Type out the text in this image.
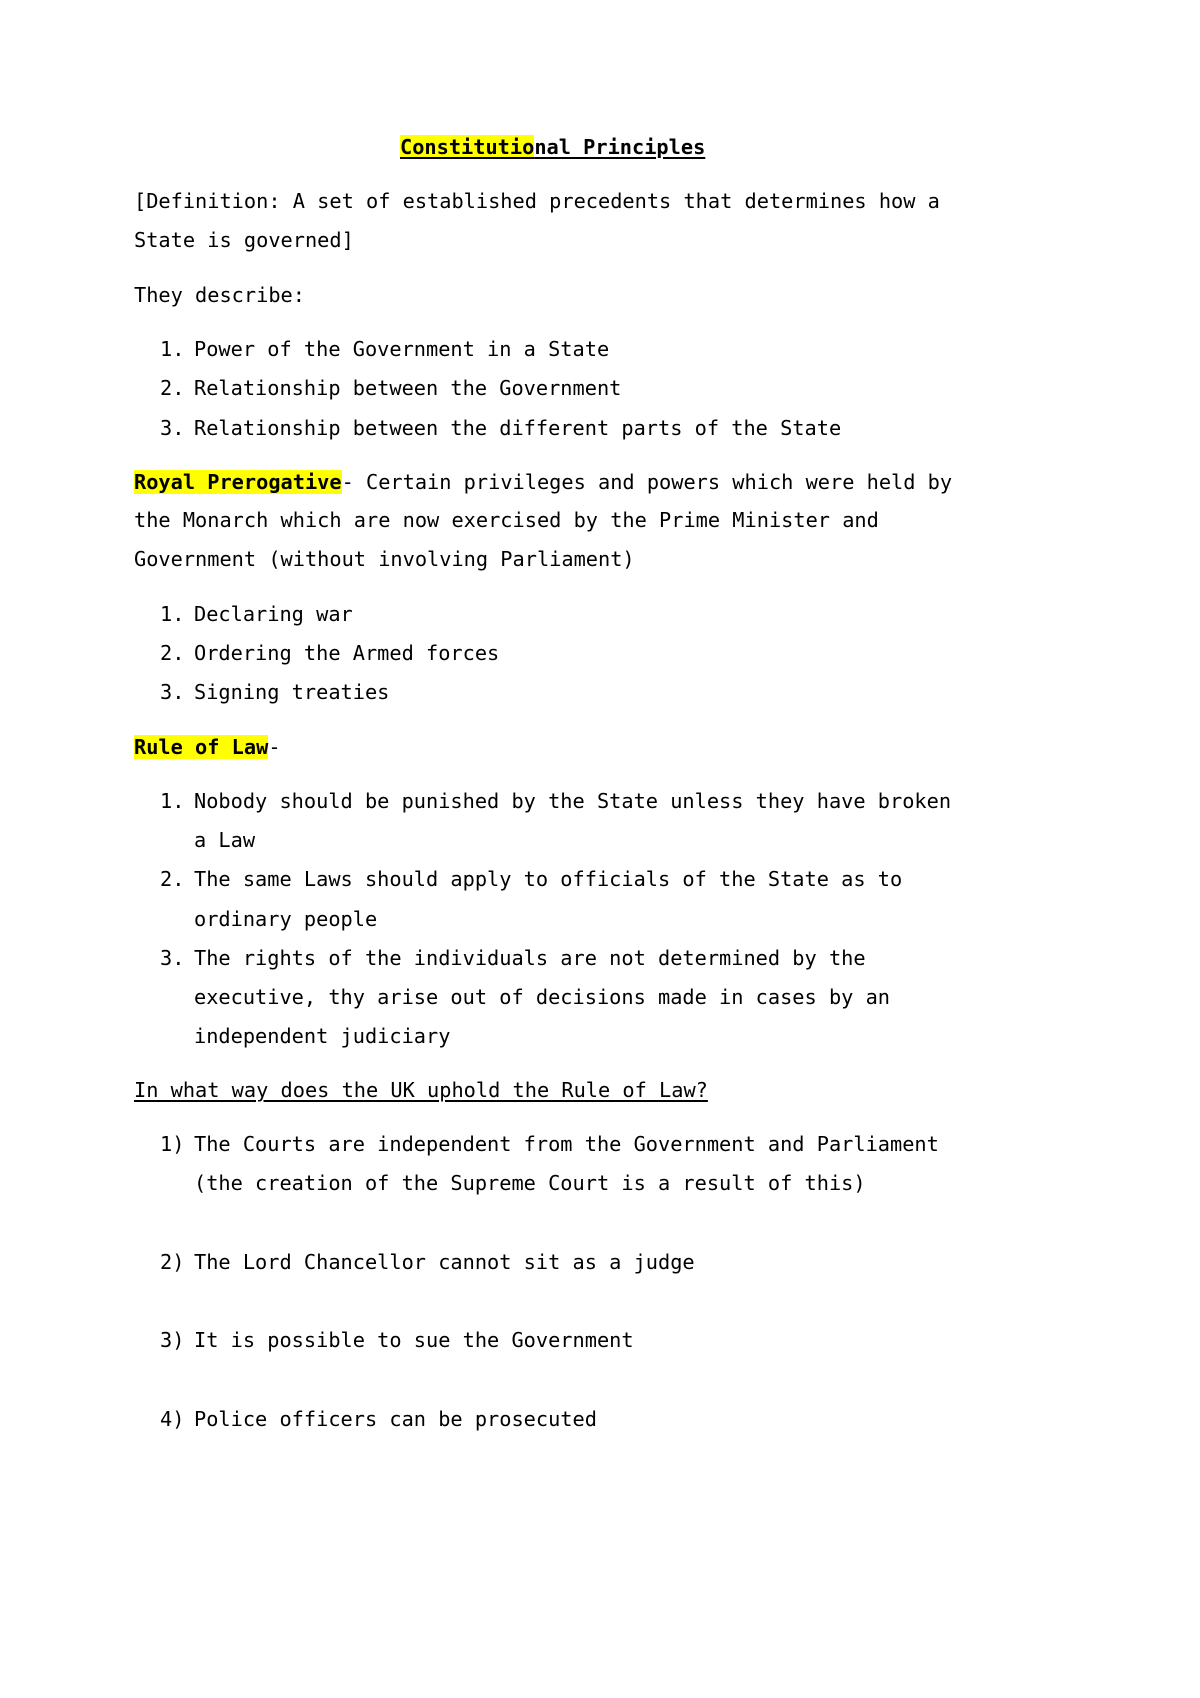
Constitutional Principles
[Definition: A set of established precedents that determines how a
State is governed]
They describe:
1. Power of the Government in a State
2. Relationship between the Government
3. Relationship between the different parts of the State
Royal Prerogative- Certain privileges and powers which were held by
the Monarch which are now exercised by the Prime Minister and
Government (without involving Parliament)
1. Declaring war
2. Ordering the Armed forces
3. Signing treaties
Rule of Law-
1. Nobody should be punished by the State unless they have broken
a Law
2. The same Laws should apply to officials of the State as to
ordinary people
3. The rights of the individuals are not determined by the
executive, thy arise out of decisions made in cases by an
independent judiciary
In what way does the UK uphold the Rule of Law?
1) The Courts are independent from the Government and Parliament
(the creation of the Supreme Court is a result of this)
2) The Lord Chancellor cannot sit as a judge
3) It is possible to sue the Government
4) Police officers can be prosecuted
